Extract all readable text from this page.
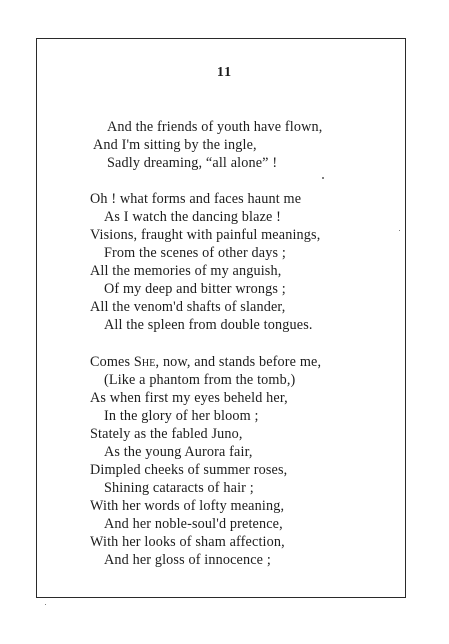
11
And the friends of youth have flown,
And I'm sitting by the ingle,
Sadly dreaming, “all alone” !
Oh ! what forms and faces haunt me
As I watch the dancing blaze !
Visions, fraught with painful meanings,
From the scenes of other days ;
All the memories of my anguish,
Of my deep and bitter wrongs ;
All the venom'd shafts of slander,
All the spleen from double tongues.
Comes She, now, and stands before me,
(Like a phantom from the tomb,)
As when first my eyes beheld her,
In the glory of her bloom ;
Stately as the fabled Juno,
As the young Aurora fair,
Dimpled cheeks of summer roses,
Shining cataracts of hair ;
With her words of lofty meaning,
And her noble-soul'd pretence,
With her looks of sham affection,
And her gloss of innocence ;
